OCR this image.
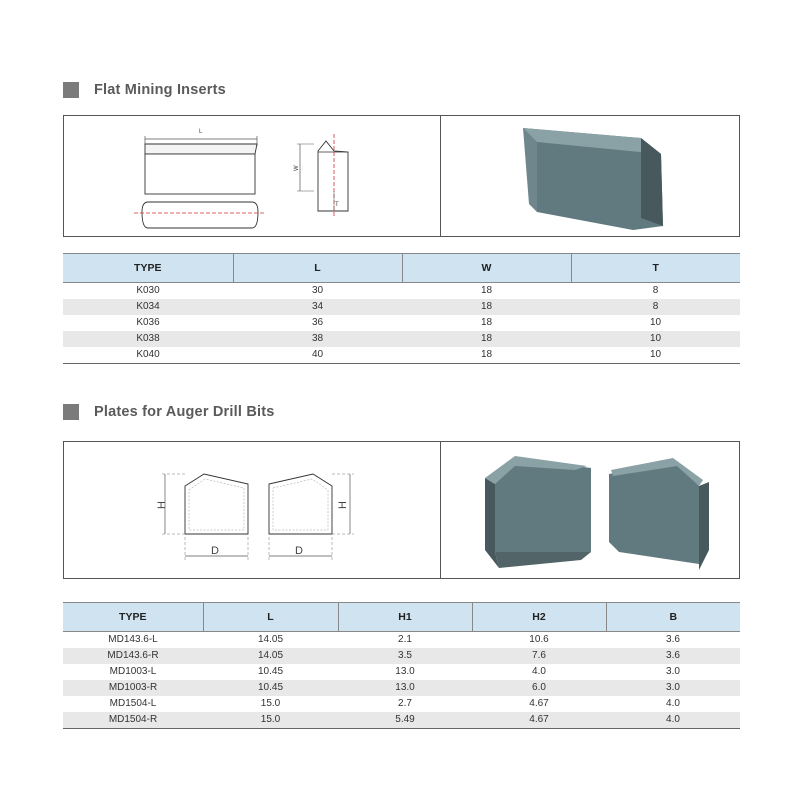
Flat Mining Inserts
L
W
T
TYPE	L	W	T
K030	30	18	8
K034	34	18	8
K036	36	18	10
K038	38	18	10
K040	40	18	10
Plates for Auger Drill Bits
H
D
H
D
TYPE	L	H1	H2	B
MD143.6-L	14.05	2.1	10.6	3.6
MD143.6-R	14.05	3.5	7.6	3.6
MD1003-L	10.45	13.0	4.0	3.0
MD1003-R	10.45	13.0	6.0	3.0
MD1504-L	15.0	2.7	4.67	4.0
MD1504-R	15.0	5.49	4.67	4.0
